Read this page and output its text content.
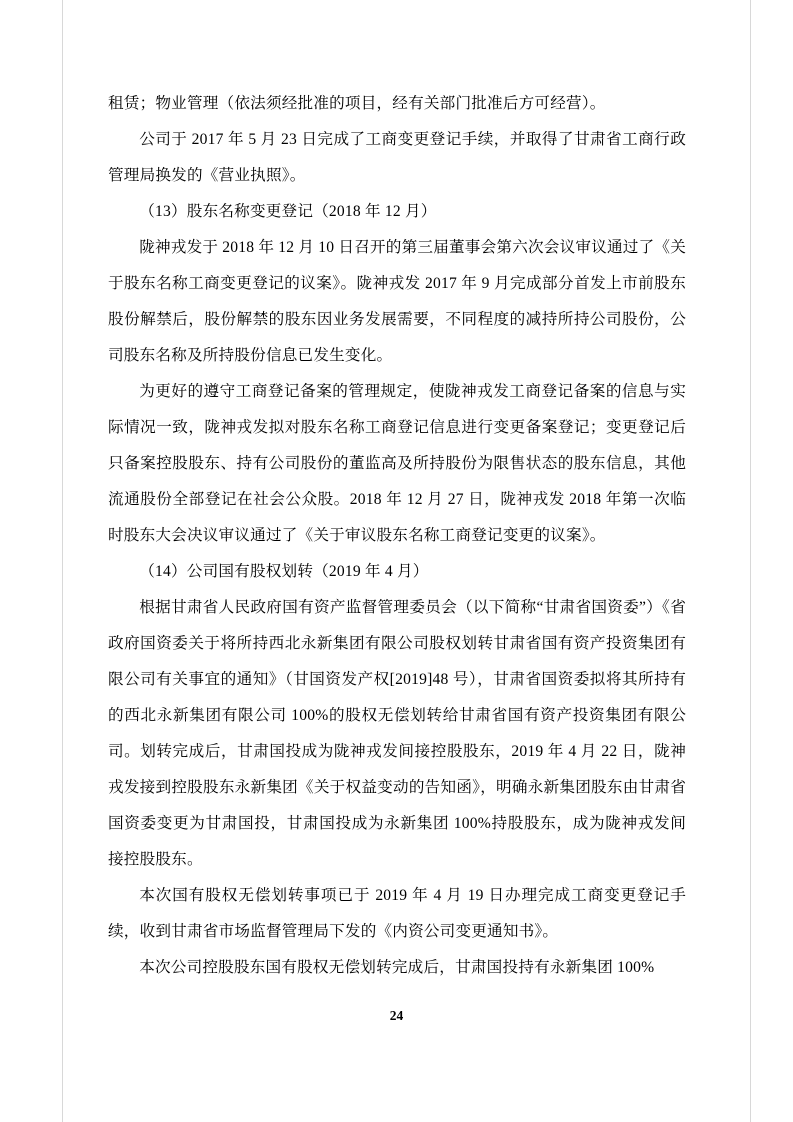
租赁；物业管理（依法须经批准的项目，经有关部门批准后方可经营）。

公司于 2017 年 5 月 23 日完成了工商变更登记手续，并取得了甘肃省工商行政管理局换发的《营业执照》。

（13）股东名称变更登记（2018 年 12 月）

陇神戎发于 2018 年 12 月 10 日召开的第三届董事会第六次会议审议通过了《关于股东名称工商变更登记的议案》。陇神戎发 2017 年 9 月完成部分首发上市前股东股份解禁后，股份解禁的股东因业务发展需要，不同程度的减持所持公司股份，公司股东名称及所持股份信息已发生变化。

为更好的遵守工商登记备案的管理规定，使陇神戎发工商登记备案的信息与实际情况一致，陇神戎发拟对股东名称工商登记信息进行变更备案登记；变更登记后只备案控股股东、持有公司股份的董监高及所持股份为限售状态的股东信息，其他流通股份全部登记在社会公众股。2018 年 12 月 27 日，陇神戎发 2018 年第一次临时股东大会决议审议通过了《关于审议股东名称工商登记变更的议案》。

（14）公司国有股权划转（2019 年 4 月）

根据甘肃省人民政府国有资产监督管理委员会（以下简称“甘肃省国资委”）《省政府国资委关于将所持西北永新集团有限公司股权划转甘肃省国有资产投资集团有限公司有关事宜的通知》（甘国资发产权[2019]48 号），甘肃省国资委拟将其所持有的西北永新集团有限公司 100%的股权无偿划转给甘肃省国有资产投资集团有限公司。划转完成后，甘肃国投成为陇神戎发间接控股股东，2019 年 4 月 22 日，陇神戎发接到控股股东永新集团《关于权益变动的告知函》，明确永新集团股东由甘肃省国资委变更为甘肃国投，甘肃国投成为永新集团 100%持股股东，成为陇神戎发间接控股股东。

本次国有股权无偿划转事项已于 2019 年 4 月 19 日办理完成工商变更登记手续，收到甘肃省市场监督管理局下发的《内资公司变更通知书》。

本次公司控股股东国有股权无偿划转完成后，甘肃国投持有永新集团 100%

24
